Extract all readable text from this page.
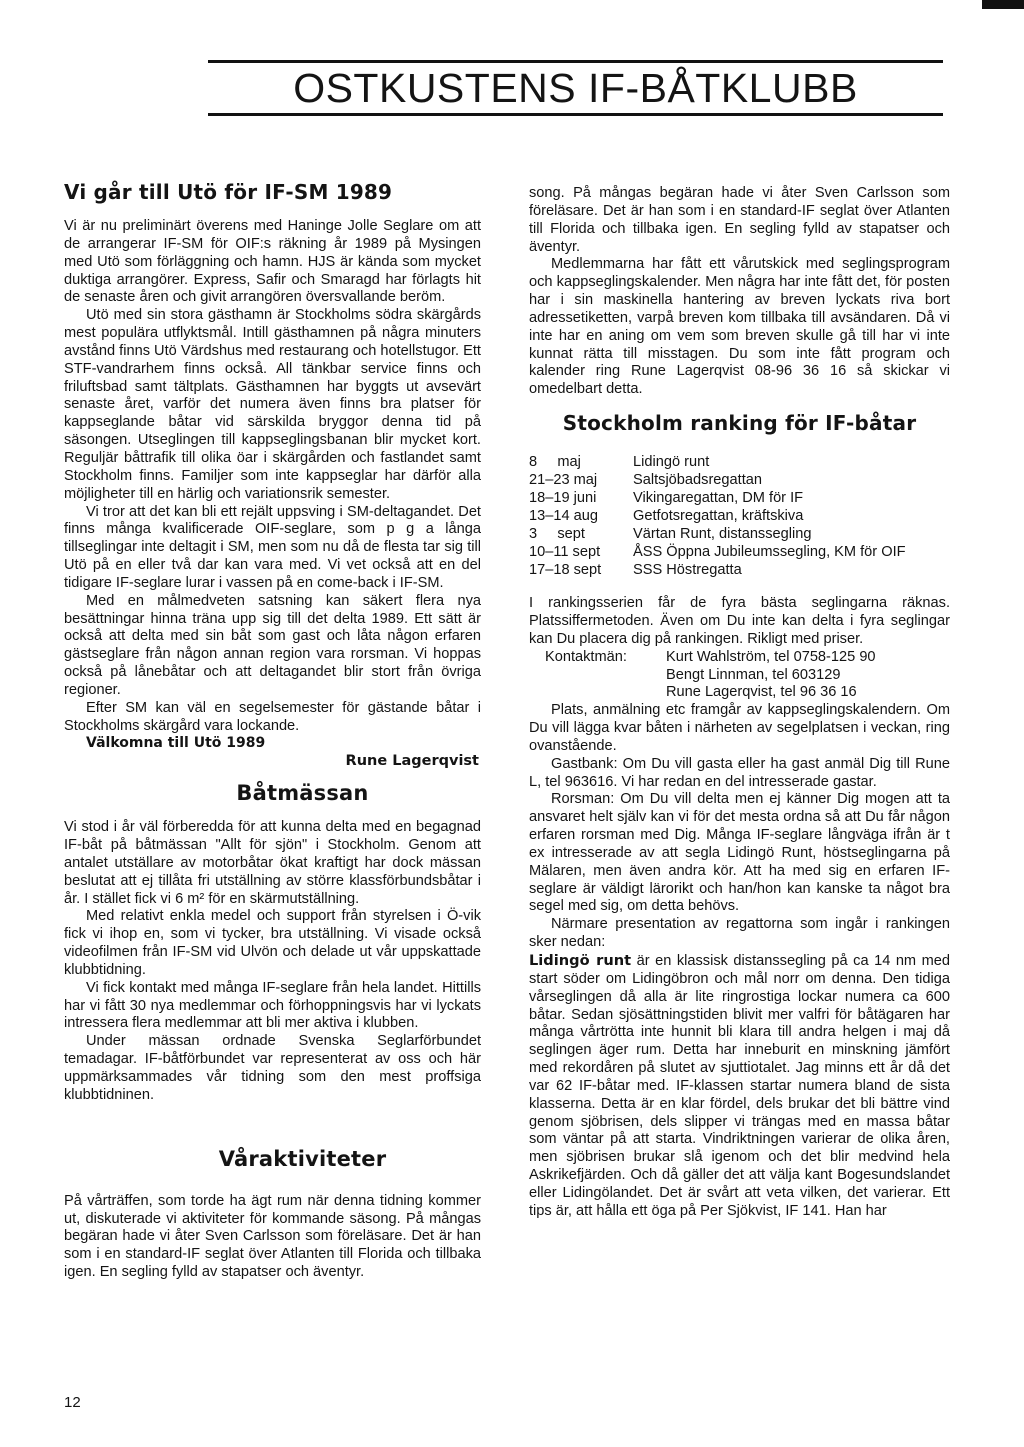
OSTKUSTENS IF-BÅTKLUBB
Vi går till Utö för IF-SM 1989

Vi är nu preliminärt överens med Haninge Jolle Seglare om att de arrangerar IF-SM för OIF:s räkning år 1989 på Mysingen med Utö som förläggning och hamn. HJS är kända som mycket duktiga arrangörer. Express, Safir och Smaragd har förlagts hit de senaste åren och givit arrangören översvallande beröm.

Utö med sin stora gästhamn är Stockholms södra skärgårds mest populära utflyktsmål. Intill gästhamnen på några minuters avstånd finns Utö Värdshus med restaurang och hotellstugor. Ett STF-vandrarhem finns också. All tänkbar service finns och friluftsbad samt tältplats. Gästhamnen har byggts ut avsevärt senaste året, varför det numera även finns bra platser för kappseglande båtar vid särskilda bryggor denna tid på säsongen. Utseglingen till kappseglingsbanan blir mycket kort. Reguljär båttrafik till olika öar i skärgården och fastlandet samt Stockholm finns. Familjer som inte kappseglar har därför alla möjligheter till en härlig och variationsrik semester.

Vi tror att det kan bli ett rejält uppsving i SM-deltagandet. Det finns många kvalificerade OIF-seglare, som p g a långa tillseglingar inte deltagit i SM, men som nu då de flesta tar sig till Utö på en eller två dar kan vara med. Vi vet också att en del tidigare IF-seglare lurar i vassen på en come-back i IF-SM.

Med en målmedveten satsning kan säkert flera nya besättningar hinna träna upp sig till det delta 1989. Ett sätt är också att delta med sin båt som gast och låta någon erfaren gästseglare från någon annan region vara rorsman. Vi hoppas också på lånebåtar och att deltagandet blir stort från övriga regioner.

Efter SM kan väl en segelsemester för gästande båtar i Stockholms skärgård vara lockande.

Välkomna till Utö 1989

Rune Lagerqvist

Båtmässan

Vi stod i år väl förberedda för att kunna delta med en begagnad IF-båt på båtmässan "Allt för sjön" i Stockholm. Genom att antalet utställare av motorbåtar ökat kraftigt har dock mässan beslutat att ej tillåta fri utställning av större klassförbundsbåtar i år. I stället fick vi 6 m² för en skärmutställning.

Med relativt enkla medel och support från styrelsen i Ö-vik fick vi ihop en, som vi tycker, bra utställning. Vi visade också videofilmen från IF-SM vid Ulvön och delade ut vår uppskattade klubbtidning.

Vi fick kontakt med många IF-seglare från hela landet. Hittills har vi fått 30 nya medlemmar och förhoppningsvis har vi lyckats intressera flera medlemmar att bli mer aktiva i klubben.

Under mässan ordnade Svenska Seglarförbundet temadagar. IF-båtförbundet var representerat av oss och här uppmärksammades vår tidning som den mest proffsiga klubbtidninen.

Våraktiviteter

På vårträffen, som torde ha ägt rum när denna tidning kommer ut, diskuterade vi aktiviteter för kommande säsong. På mångas begäran hade vi åter Sven Carlsson som föreläsare. Det är han som i en standard-IF seglat över Atlanten till Florida och tillbaka igen. En segling fylld av stapatser och äventyr.

12

song. På mångas begäran hade vi åter Sven Carlsson som föreläsare. Det är han som i en standard-IF seglat över Atlanten till Florida och tillbaka igen. En segling fylld av stapatser och äventyr.

Medlemmarna har fått ett vårutskick med seglingsprogram och kappseglingskalender. Men några har inte fått det, för posten har i sin maskinella hantering av breven lyckats riva bort adressetiketten, varpå breven kom tillbaka till avsändaren. Då vi inte har en aning om vem som breven skulle gå till har vi inte kunnat rätta till misstagen. Du som inte fått program och kalender ring Rune Lagerqvist 08-96 36 16 så skickar vi omedelbart detta.

Stockholm ranking för IF-båtar
8     maj	Lidingö runt
21–23 maj	Saltsjöbadsregattan
18–19 juni	Vikingaregattan, DM för IF
13–14 aug	Getfotsregattan, kräftskiva
3     sept	Värtan Runt, distanssegling
10–11 sept	ÅSS Öppna Jubileumssegling, KM för OIF
17–18 sept	SSS Höstregatta

I rankingsserien får de fyra bästa seglingarna räknas. Platssiffermetoden. Även om Du inte kan delta i fyra seglingar kan Du placera dig på rankingen. Rikligt med priser.

Kontaktmän:	Kurt Wahlström, tel 0758-125 90
	Bengt Linnman, tel 603129
	Rune Lagerqvist, tel 96 36 16

Plats, anmälning etc framgår av kappseglingskalendern. Om Du vill lägga kvar båten i närheten av segelplatsen i veckan, ring ovanstående.

Gastbank: Om Du vill gasta eller ha gast anmäl Dig till Rune L, tel 963616. Vi har redan en del intresserade gastar.

Rorsman: Om Du vill delta men ej känner Dig mogen att ta ansvaret helt själv kan vi för det mesta ordna så att Du får någon erfaren rorsman med Dig. Många IF-seglare långväga ifrån är t ex intresserade av att segla Lidingö Runt, höstseglingarna på Mälaren, men även andra kör. Att ha med sig en erfaren IF-seglare är väldigt lärorikt och han/hon kan kanske ta något bra segel med sig, om detta behövs.

Närmare presentation av regattorna som ingår i rankingen sker nedan:

Lidingö runt är en klassisk distanssegling på ca 14 nm med start söder om Lidingöbron och mål norr om denna. Den tidiga vårseglingen då alla är lite ringrostiga lockar numera ca 600 båtar. Sedan sjösättningstiden blivit mer valfri för båtägaren har många vårtrötta inte hunnit bli klara till andra helgen i maj då seglingen äger rum. Detta har inneburit en minskning jämfört med rekordåren på slutet av sjuttiotalet. Jag minns ett år då det var 62 IF-båtar med. IF-klassen startar numera bland de sista klasserna. Detta är en klar fördel, dels brukar det bli bättre vind genom sjöbrisen, dels slipper vi trängas med en massa båtar som väntar på att starta. Vindriktningen varierar de olika åren, men sjöbrisen brukar slå igenom och det blir medvind hela Askrikefjärden. Och då gäller det att välja kant Bogesundslandet eller Lidingölandet. Det är svårt att veta vilken, det varierar. Ett tips är, att hålla ett öga på Per Sjökvist, IF 141. Han har
